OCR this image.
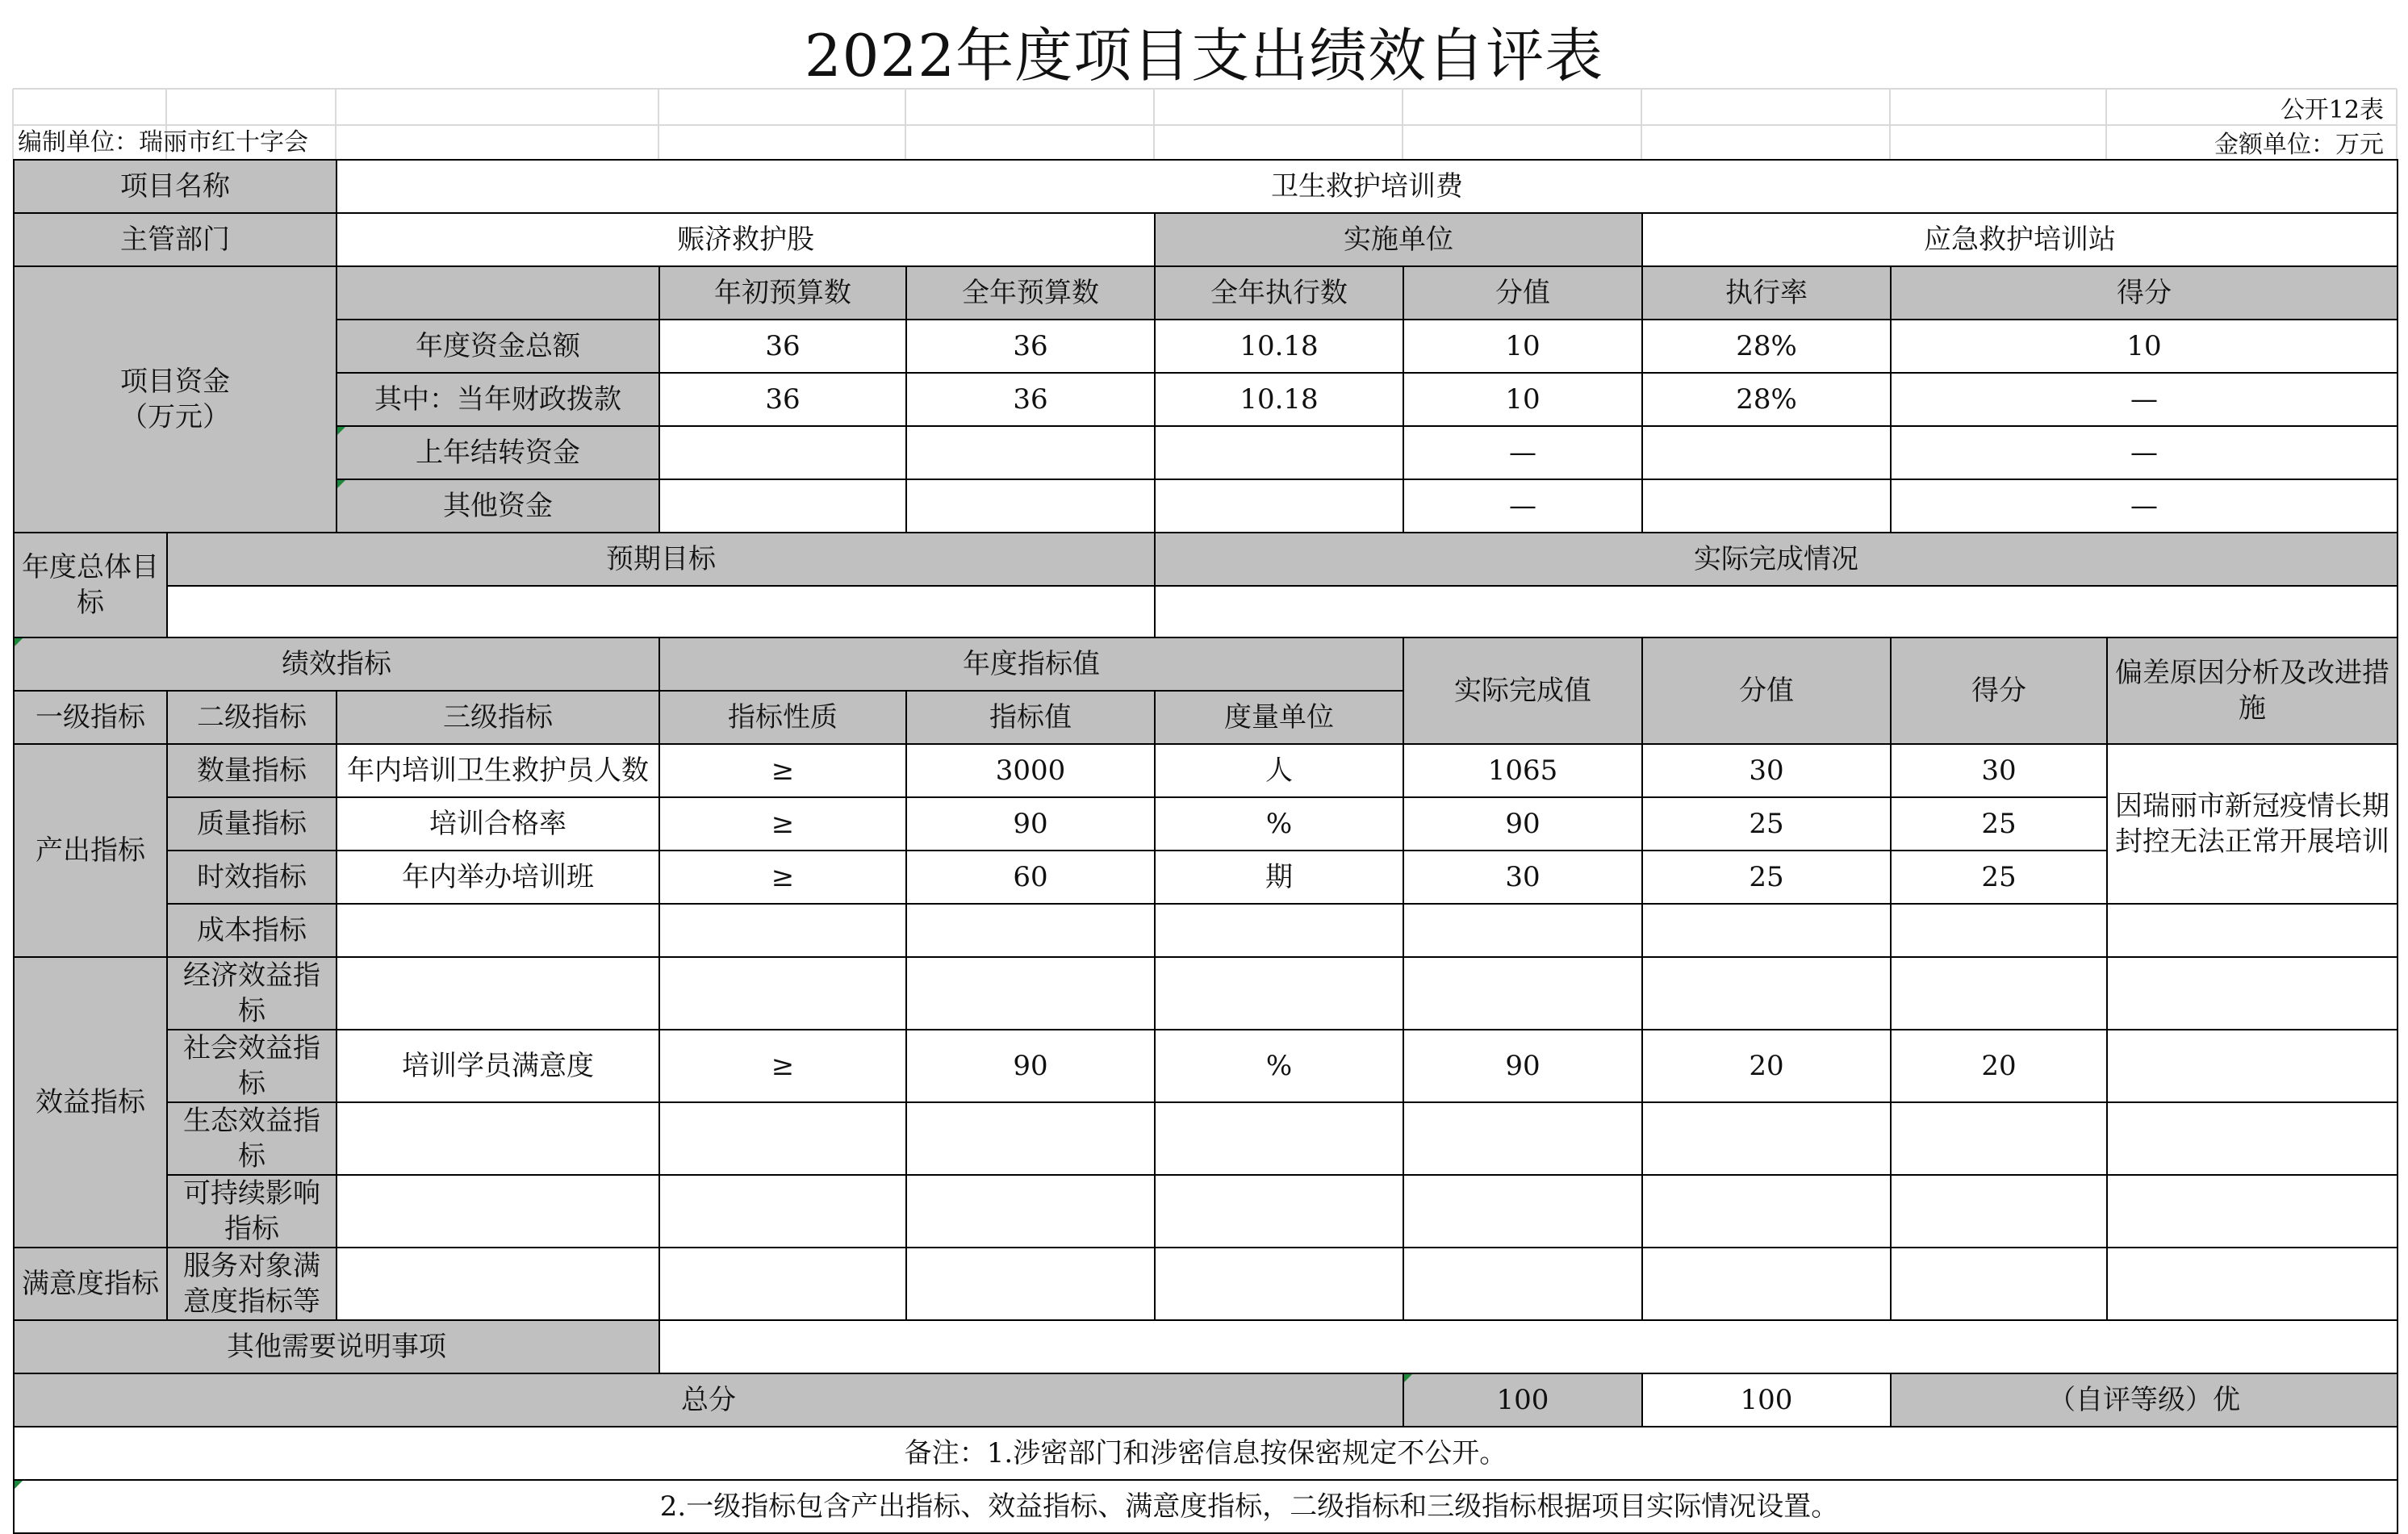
2022年度项目支出绩效自评表
公开12表
编制单位：瑞丽市红十字会	金额单位：万元
项目名称		卫生救护培训费							
主管部门		赈济救护股			实施单位		应急救护培训站		
项目资金（万元）			年初预算数	全年预算数	全年执行数	分值	执行率	得分	
		年度资金总额	36	36	10.18	10	28%	10	
		其中：当年财政拨款	36	36	10.18	10	28%	—	
		上年结转资金				—		—	
		其他资金				—		—	
年度总体目标	预期目标				实际完成情况				

绩效指标			年度指标值			实际完成值	分值	得分	偏差原因分析及改进措施
一级指标	二级指标	三级指标	指标性质	指标值	度量单位				
产出指标	数量指标	年内培训卫生救护员人数	≥	3000	人	1065	30	30	因瑞丽市新冠疫情长期封控无法正常开展培训
	质量指标	培训合格率	≥	90	%	90	25	25	
	时效指标	年内举办培训班	≥	60	期	30	25	25	
	成本指标								
效益指标	经济效益指标								
	社会效益指标	培训学员满意度	≥	90	%	90	20	20	
	生态效益指标								
	可持续影响指标								
满意度指标	服务对象满意度指标等								
其他需要说明事项									
总分						100	100	（自评等级）优	
备注：1.涉密部门和涉密信息按保密规定不公开。									
2.一级指标包含产出指标、效益指标、满意度指标，二级指标和三级指标根据项目实际情况设置。									
